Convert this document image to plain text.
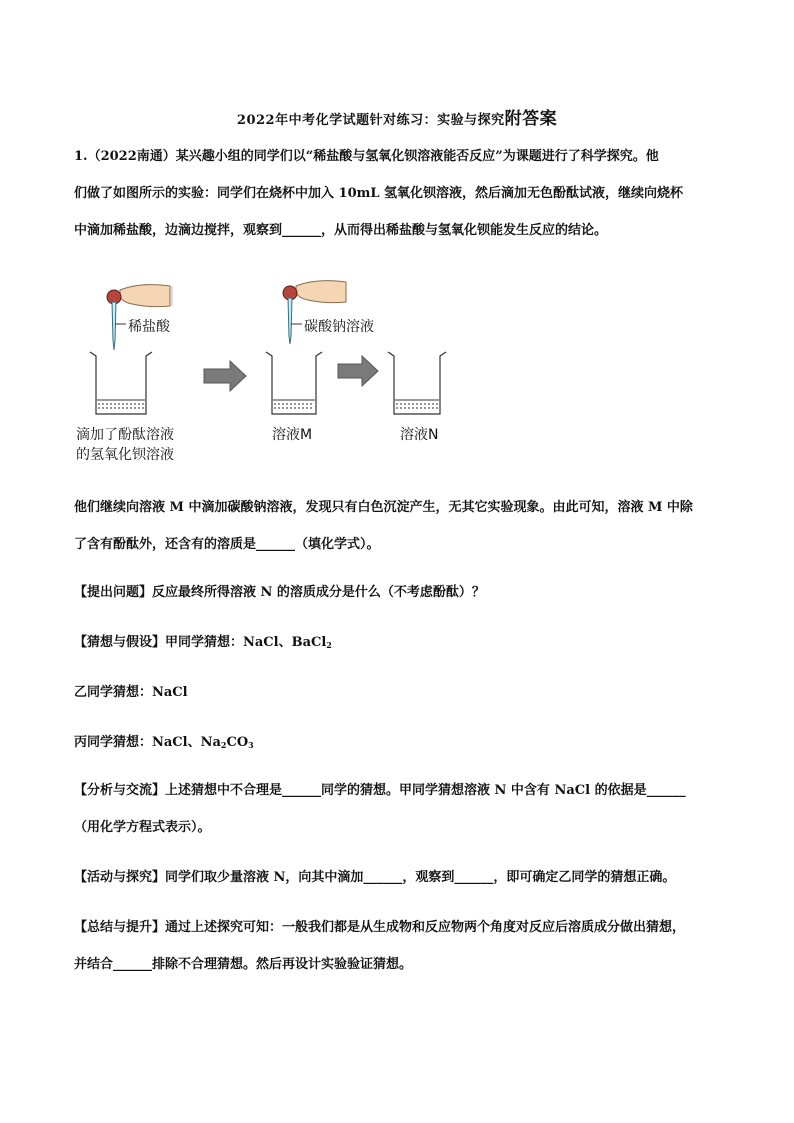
2022年中考化学试题针对练习：实验与探究附答案
1.（2022南通）某兴趣小组的同学们以“稀盐酸与氢氧化钡溶液能否反应”为课题进行了科学探究。他
们做了如图所示的实验：同学们在烧杯中加入 10mL 氢氧化钡溶液，然后滴加无色酚酞试液，继续向烧杯
中滴加稀盐酸，边滴边搅拌，观察到______，从而得出稀盐酸与氢氧化钡能发生反应的结论。
稀盐酸	碳酸钠溶液
滴加了酚酞溶液
的氢氧化钡溶液
溶液M	溶液N
他们继续向溶液 M 中滴加碳酸钠溶液，发现只有白色沉淀产生，无其它实验现象。由此可知，溶液 M 中除
了含有酚酞外，还含有的溶质是______（填化学式）。
【提出问题】反应最终所得溶液 N 的溶质成分是什么（不考虑酚酞）？
【猜想与假设】甲同学猜想：NaCl、BaCl$_2$
乙同学猜想：NaCl
丙同学猜想：NaCl、$Na_2CO_3$
【分析与交流】上述猜想中不合理是______同学的猜想。甲同学猜想溶液 N 中含有 NaCl 的依据是______
（用化学方程式表示）。
【活动与探究】同学们取少量溶液 N，向其中滴加______，观察到______，即可确定乙同学的猜想正确。
【总结与提升】通过上述探究可知：一般我们都是从生成物和反应物两个角度对反应后溶质成分做出猜想，
并结合______排除不合理猜想。然后再设计实验验证猜想。
